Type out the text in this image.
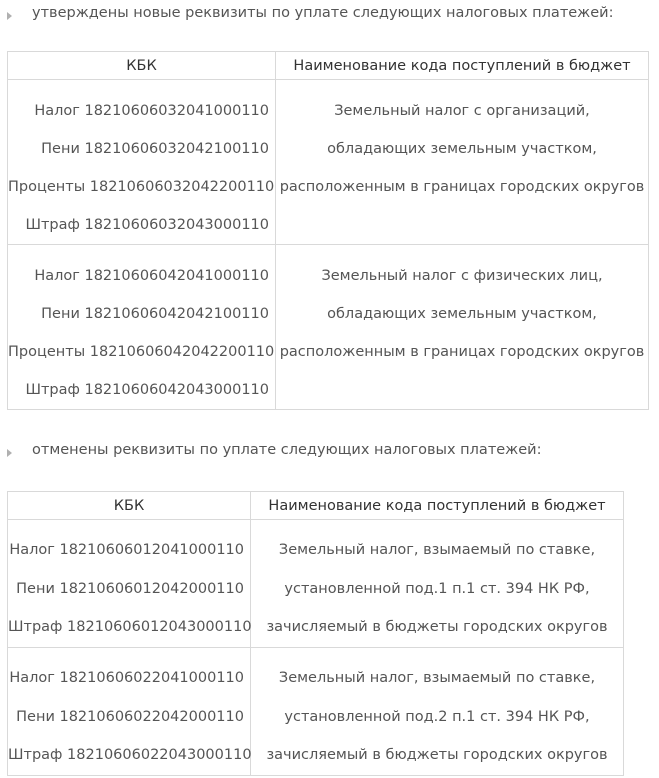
утверждены новые реквизиты по уплате следующих налоговых платежей:
КБК	Наименование кода поступлений в бюджет

Налог 18210606032041000110
Пени 18210606032042100110
Проценты 18210606032042200110
Штраф 18210606032043000110	Земельный налог с организаций,
обладающих земельным участком,
расположенным в границах городских округов

Налог 18210606042041000110
Пени 18210606042042100110
Проценты 18210606042042200110
Штраф 18210606042043000110	Земельный налог с физических лиц,
обладающих земельным участком,
расположенным в границах городских округов
отменены реквизиты по уплате следующих налоговых платежей:
КБК	Наименование кода поступлений в бюджет

Налог 18210606012041000110
Пени 18210606012042000110
Штраф 18210606012043000110	Земельный налог, взымаемый по ставке,
установленной под.1 п.1 ст. 394 НК РФ,
зачисляемый в бюджеты городских округов

Налог 18210606022041000110
Пени 18210606022042000110
Штраф 18210606022043000110	Земельный налог, взымаемый по ставке,
установленной под.2 п.1 ст. 394 НК РФ,
зачисляемый в бюджеты городских округов
